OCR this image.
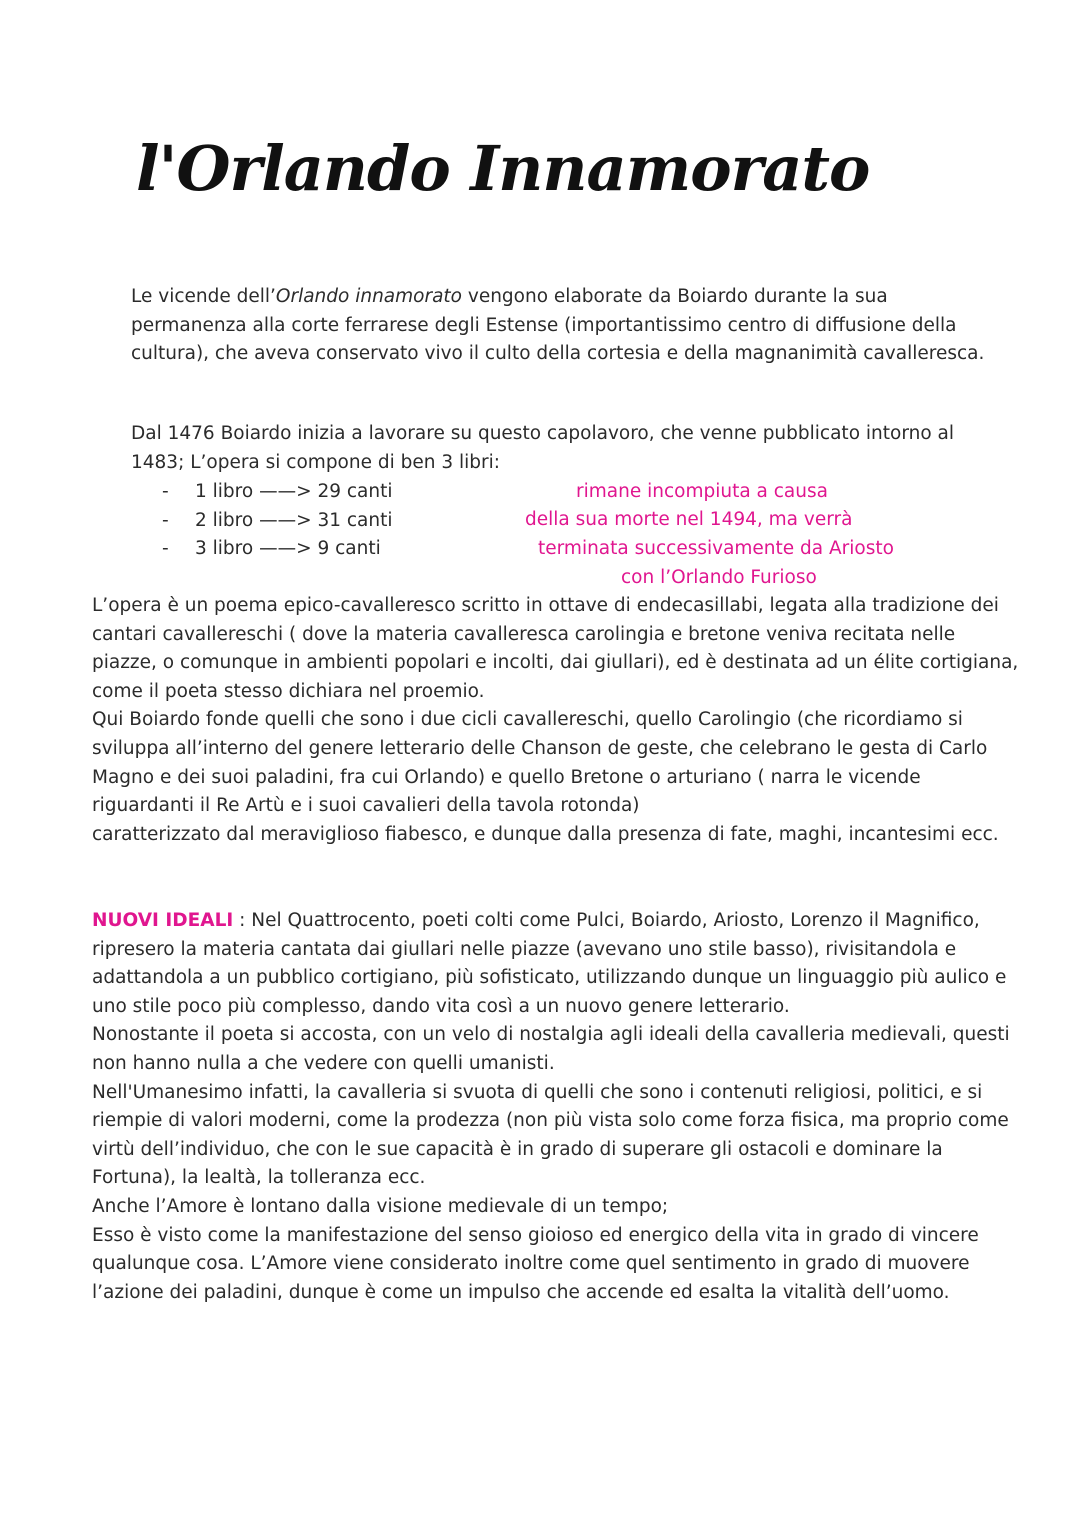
l'Orlando Innamorato

Le vicende dell’Orlando innamorato vengono elaborate da Boiardo durante la sua permanenza alla corte ferrarese degli Estense (importantissimo centro di diffusione della cultura), che aveva conservato vivo il culto della cortesia e della magnanimità cavalleresca.

Dal 1476 Boiardo inizia a lavorare su questo capolavoro, che venne pubblicato intorno al 1483; L’opera si compone di ben 3 libri:

-	1 libro ——> 29 canti
-	2 libro ——> 31 canti
-	3 libro ——> 9 canti
rimane incompiuta a causa
della sua morte nel 1494, ma verrà
terminata successivamente da Ariosto
con l’Orlando Furioso
L’opera è un poema epico-cavalleresco scritto in ottave di endecasillabi, legata alla tradizione dei cantari cavallereschi ( dove la materia cavalleresca carolingia e bretone veniva recitata nelle piazze, o comunque in ambienti popolari e incolti, dai giullari), ed è destinata ad un élite cortigiana, come il poeta stesso dichiara nel proemio.
Qui Boiardo fonde quelli che sono i due cicli cavallereschi, quello Carolingio (che ricordiamo si sviluppa all’interno del genere letterario delle Chanson de geste, che celebrano le gesta di Carlo Magno e dei suoi paladini, fra cui Orlando) e quello Bretone o arturiano ( narra le vicende riguardanti il Re Artù e i suoi cavalieri della tavola rotonda)
caratterizzato dal meraviglioso fiabesco, e dunque dalla presenza di fate, maghi, incantesimi ecc.
NUOVI IDEALI : Nel Quattrocento, poeti colti come Pulci, Boiardo, Ariosto, Lorenzo il Magnifico, ripresero la materia cantata dai giullari nelle piazze (avevano uno stile basso), rivisitandola e adattandola a un pubblico cortigiano, più sofisticato, utilizzando dunque un linguaggio più aulico e uno stile poco più complesso, dando vita così a un nuovo genere letterario.
Nonostante il poeta si accosta, con un velo di nostalgia agli ideali della cavalleria medievali, questi non hanno nulla a che vedere con quelli umanisti.
Nell'Umanesimo infatti, la cavalleria si svuota di quelli che sono i contenuti religiosi, politici, e si riempie di valori moderni, come la prodezza (non più vista solo come forza fisica, ma proprio come virtù dell’individuo, che con le sue capacità è in grado di superare gli ostacoli e dominare la Fortuna), la lealtà, la tolleranza ecc.
Anche l’Amore è lontano dalla visione medievale di un tempo;
Esso è visto come la manifestazione del senso gioioso ed energico della vita in grado di vincere qualunque cosa. L’Amore viene considerato inoltre come quel sentimento in grado di muovere l’azione dei paladini, dunque è come un impulso che accende ed esalta la vitalità dell’uomo.
